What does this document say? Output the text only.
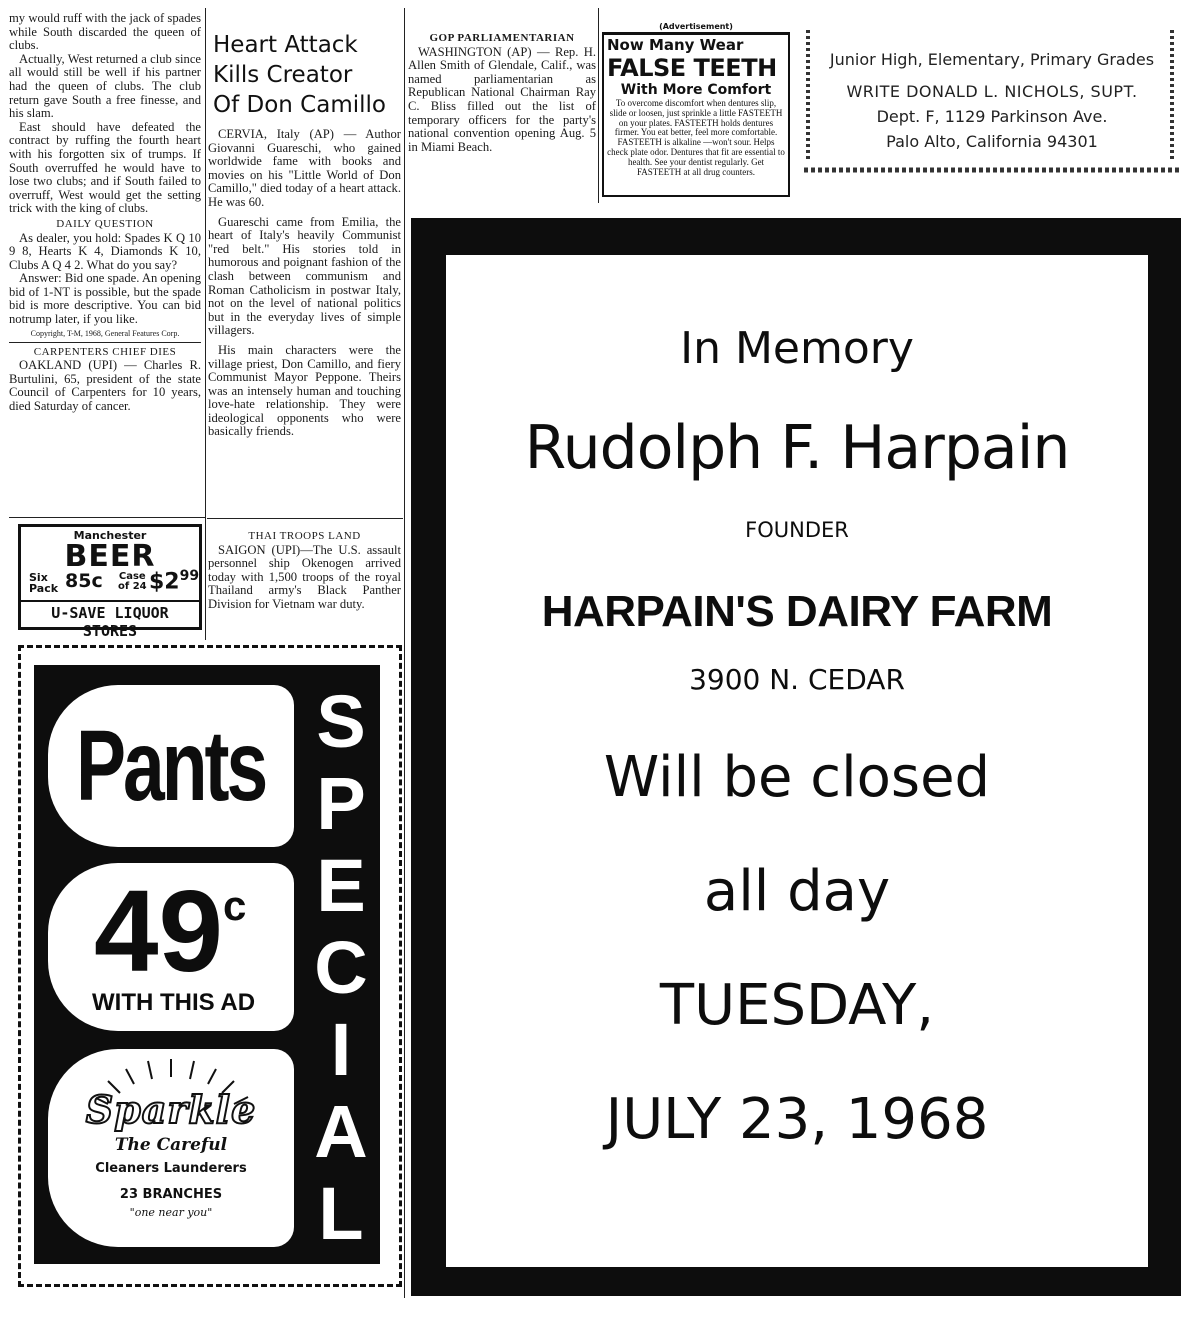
my would ruff with the jack of spades while South discarded the queen of clubs.

Actually, West returned a club since all would still be well if his partner had the queen of clubs. The club return gave South a free finesse, and his slam.

East should have defeated the contract by ruffing the fourth heart with his forgotten six of trumps. If South overruffed he would have to lose two clubs; and if South failed to overruff, West would get the setting trick with the king of clubs.

DAILY QUESTION

As dealer, you hold: Spades K Q 10 9 8, Hearts K 4, Diamonds K 10, Clubs A Q 4 2. What do you say?

Answer: Bid one spade. An opening bid of 1-NT is possible, but the spade bid is more descriptive. You can bid notrump later, if you like.

Copyright, T-M, 1968, General Features Corp.

CARPENTERS CHIEF DIES

OAKLAND (UPI) — Charles R. Burtulini, 65, president of the state Council of Carpenters for 10 years, died Saturday of cancer.

Manchester
BEER
Six
Pack 85c Case
of 24 $\$2^{99}$
U-SAVE LIQUOR STORES
Heart Attack
Kills Creator
Of Don Camillo

CERVIA, Italy (AP) — Author Giovanni Guareschi, who gained worldwide fame with books and movies on his "Little World of Don Camillo," died today of a heart attack. He was 60.

Guareschi came from Emilia, the heart of Italy's heavily Communist "red belt." His stories told in humorous and poignant fashion of the clash between communism and Roman Catholicism in postwar Italy, not on the level of national politics but in the everyday lives of simple villagers.

His main characters were the village priest, Don Camillo, and fiery Communist Mayor Peppone. Theirs was an intensely human and touching love-hate relationship. They were ideological opponents who were basically friends.

THAI TROOPS LAND

SAIGON (UPI)—The U.S. assault personnel ship Okenogen arrived today with 1,500 troops of the royal Thailand army's Black Panther Division for Vietnam war duty.

GOP PARLIAMENTARIAN

WASHINGTON (AP) — Rep. H. Allen Smith of Glendale, Calif., was named parliamentarian as Republican National Chairman Ray C. Bliss filled out the list of temporary officers for the party's national convention opening Aug. 5 in Miami Beach.

(Advertisement)
Now Many Wear
FALSE TEETH
With More Comfort
To overcome discomfort when dentures slip, slide or loosen, just sprinkle a little FASTEETH on your plates. FASTEETH holds dentures firmer. You eat better, feel more comfortable. FASTEETH is alkaline —won't sour. Helps check plate odor. Dentures that fit are essential to health. See your dentist regularly. Get FASTEETH at all drug counters.
Junior High, Elementary, Primary Grades
WRITE DONALD L. NICHOLS, SUPT.
Dept. F, 1129 Parkinson Ave.
Palo Alto, California 94301
Pants
49$^c$
WITH THIS AD
Sparkle
The Careful
Cleaners Launderers
23 BRANCHES
"one near you"
S
P
E
C
I
A
L
In Memory
Rudolph F. Harpain
FOUNDER
HARPAIN'S DAIRY FARM
3900 N. CEDAR
Will be closed
all day
TUESDAY,
JULY 23, 1968
